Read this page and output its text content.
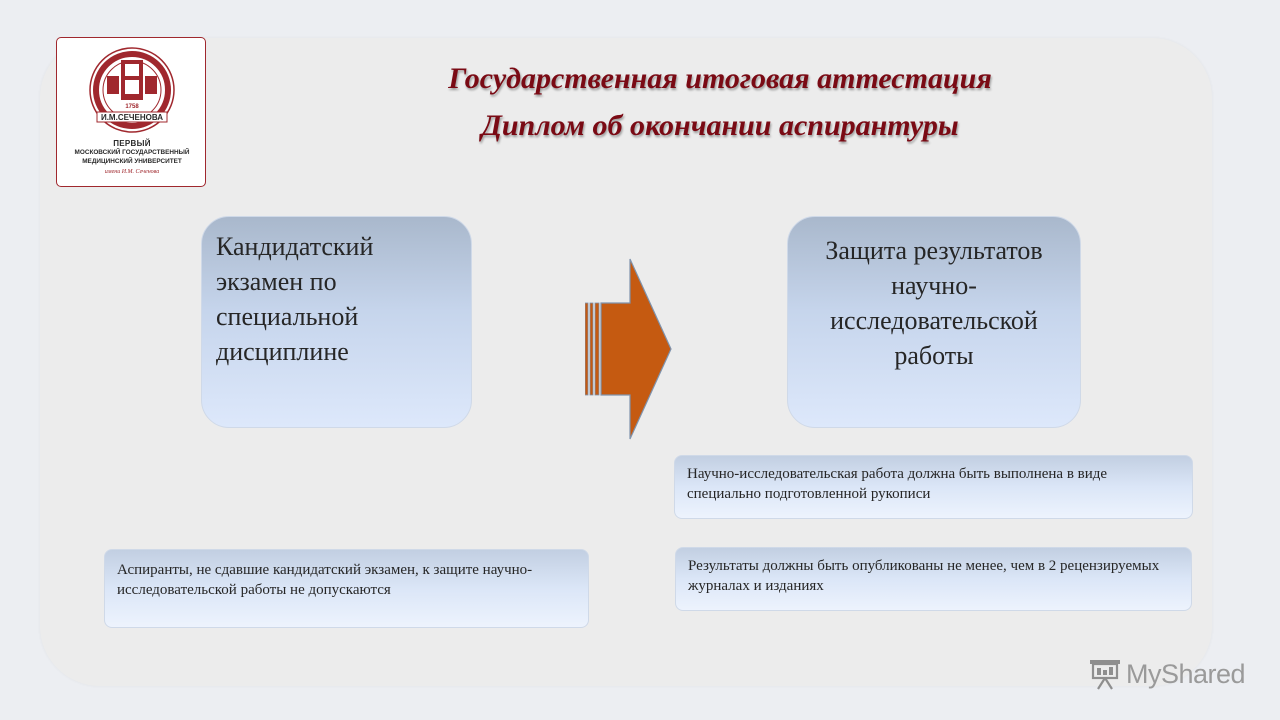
И.М.СЕЧЕНОВА
1758
ПЕРВЫЙ
МОСКОВСКИЙ ГОСУДАРСТВЕННЫЙ
МЕДИЦИНСКИЙ УНИВЕРСИТЕТ
имени И.М. Сеченова
Государственная итоговая аттестация
Диплом об окончании аспирантуры
Кандидатский экзамен по специальной дисциплине
Защита результатов научно-исследовательской работы
Научно-исследовательская работа должна быть выполнена в виде специально подготовленной рукописи
Результаты должны быть опубликованы не менее, чем в 2 рецензируемых журналах и изданиях
Аспиранты, не сдавшие кандидатский экзамен, к защите научно-исследовательской работы не допускаются
MyShared
